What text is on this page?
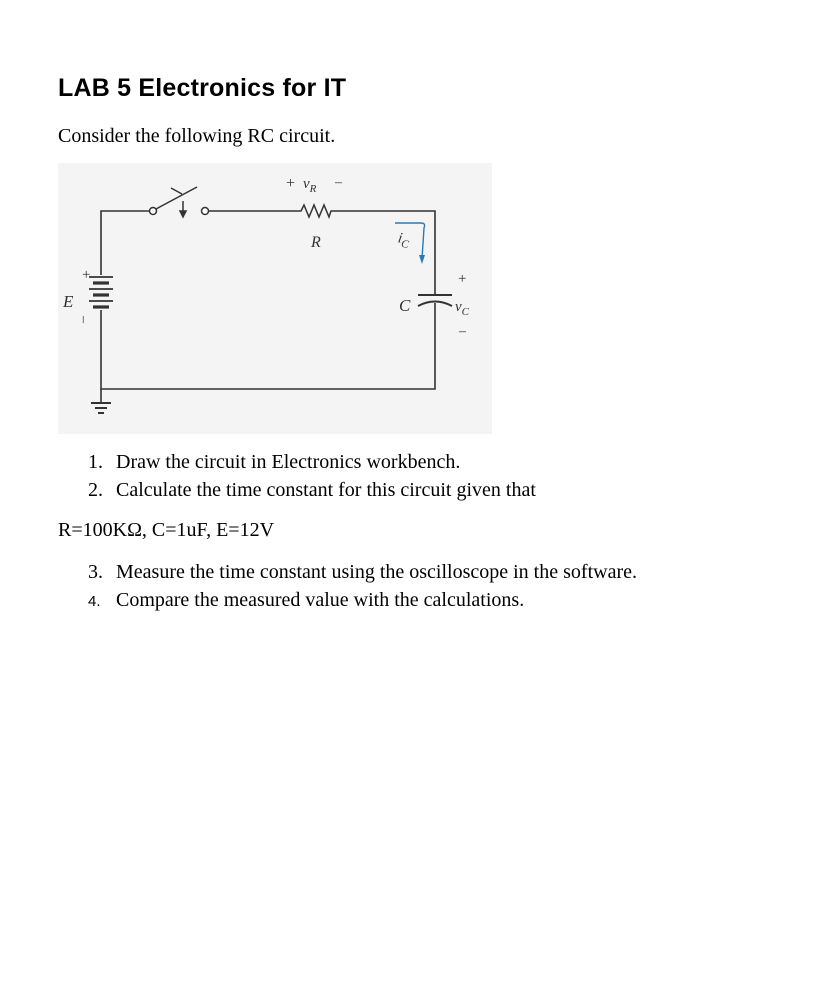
LAB 5 Electronics for IT
Consider the following RC circuit.
+ $v_R$ –
R	$i_C$
+
E
–
C
+
$v_C$
–
1. Draw the circuit in Electronics workbench.
2. Calculate the time constant for this circuit given that
R=100KΩ, C=1uF, E=12V
3. Measure the time constant using the oscilloscope in the software.
4. Compare the measured value with the calculations.
